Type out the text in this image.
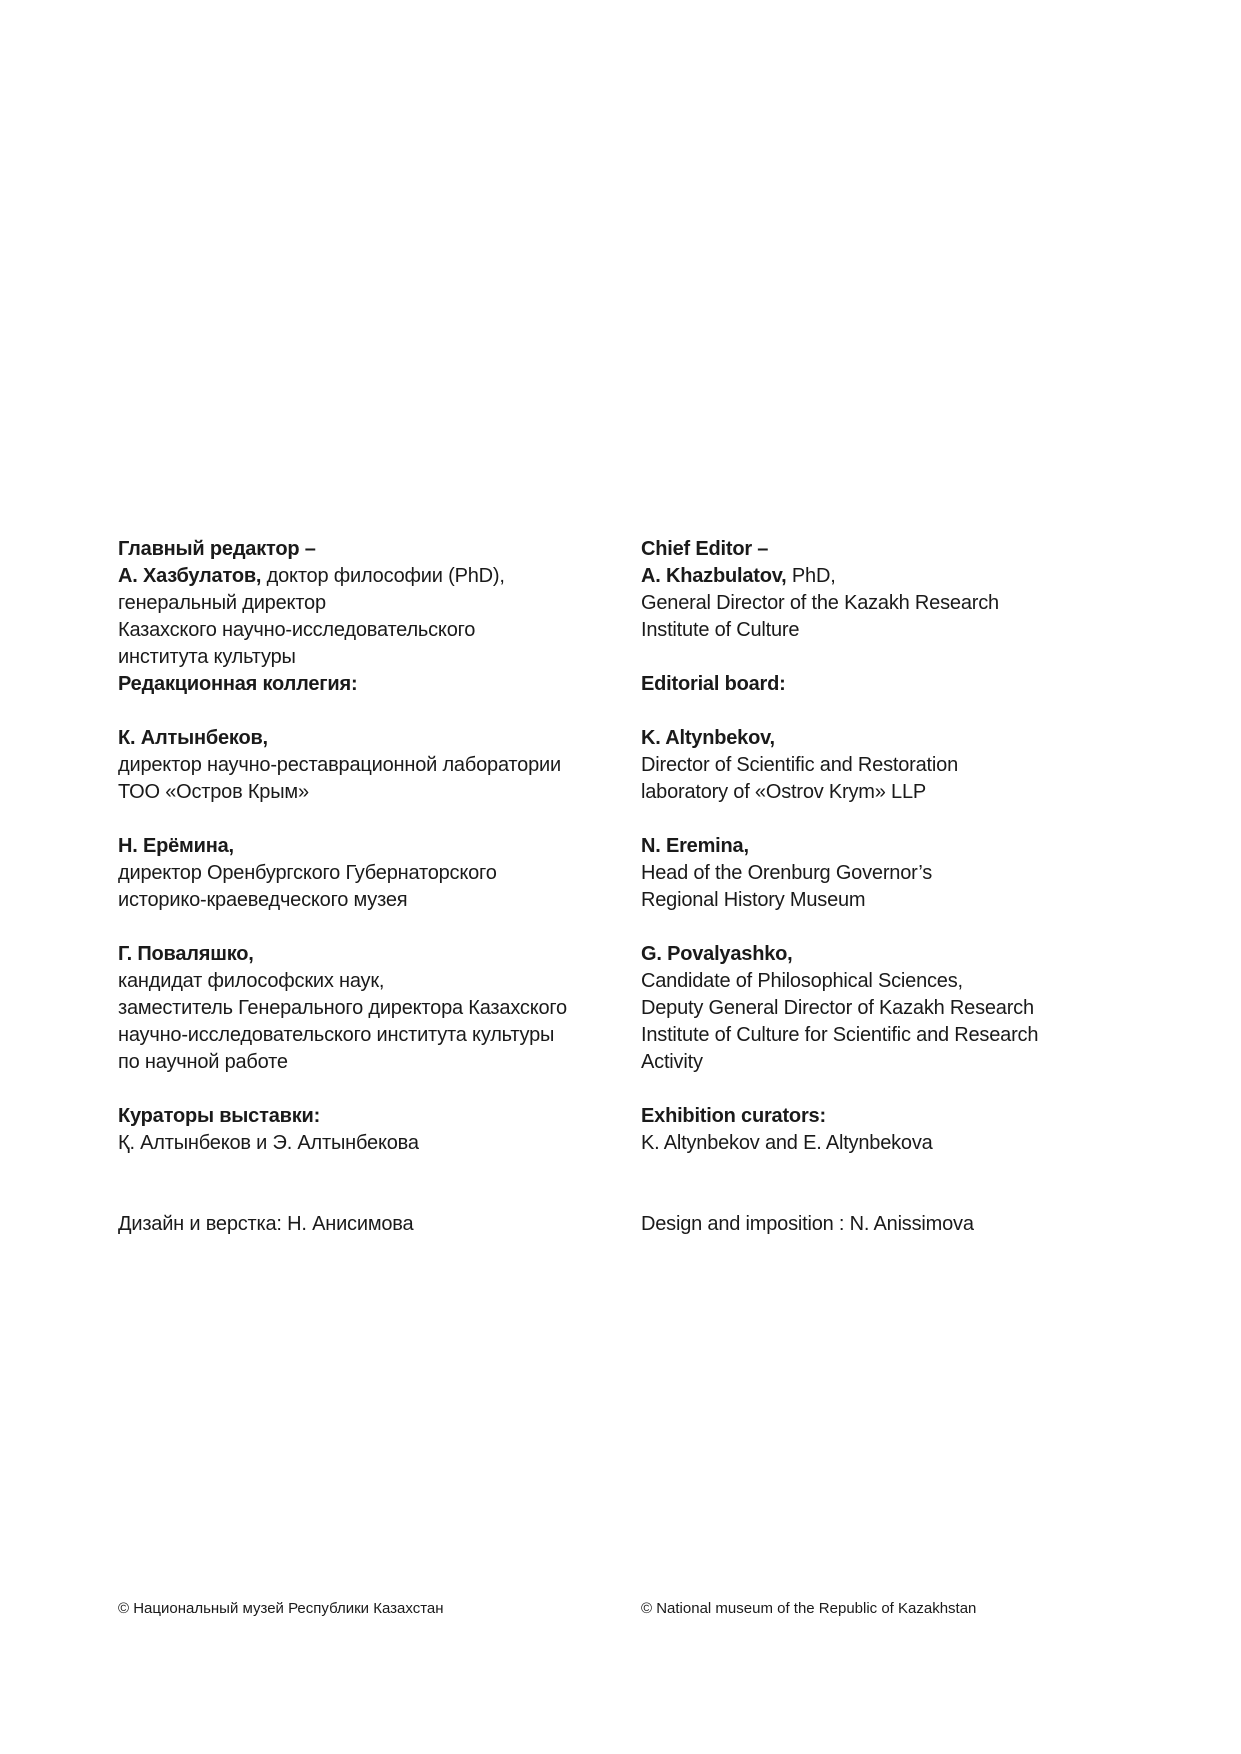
Главный редактор –
А. Хазбулатов, доктор философии (PhD),
генеральный директор
Казахского научно-исследовательского
института культуры
Редакционная коллегия:
К. Алтынбеков,
директор научно-реставрационной лаборатории
ТОО «Остров Крым»
Н. Ерёмина,
директор Оренбургского Губернаторского
историко-краеведческого музея
Г. Поваляшко,
кандидат философских наук,
заместитель Генерального директора Казахского
научно-исследовательского института культуры
по научной работе
Кураторы выставки:
Қ. Алтынбеков и Э. Алтынбекова
Дизайн и верстка: Н. Анисимова
Chief Editor –
A. Khazbulatov, PhD,
General Director of the Kazakh Research
Institute of Culture
Editorial board:
K. Altynbekov,
Director of Scientific and Restoration
laboratory of «Ostrov Krym» LLP
N. Eremina,
Head of the Orenburg Governor’s
Regional History Museum
G. Povalyashko,
Candidate of Philosophical Sciences,
Deputy General Director of Kazakh Research
Institute of Culture for Scientific and Research
Activity
Exhibition curators:
K. Altynbekov and E. Altynbekova
Design and imposition : N. Anissimova
© Национальный музей Республики Казахстан	© National museum of the Republic of Kazakhstan
